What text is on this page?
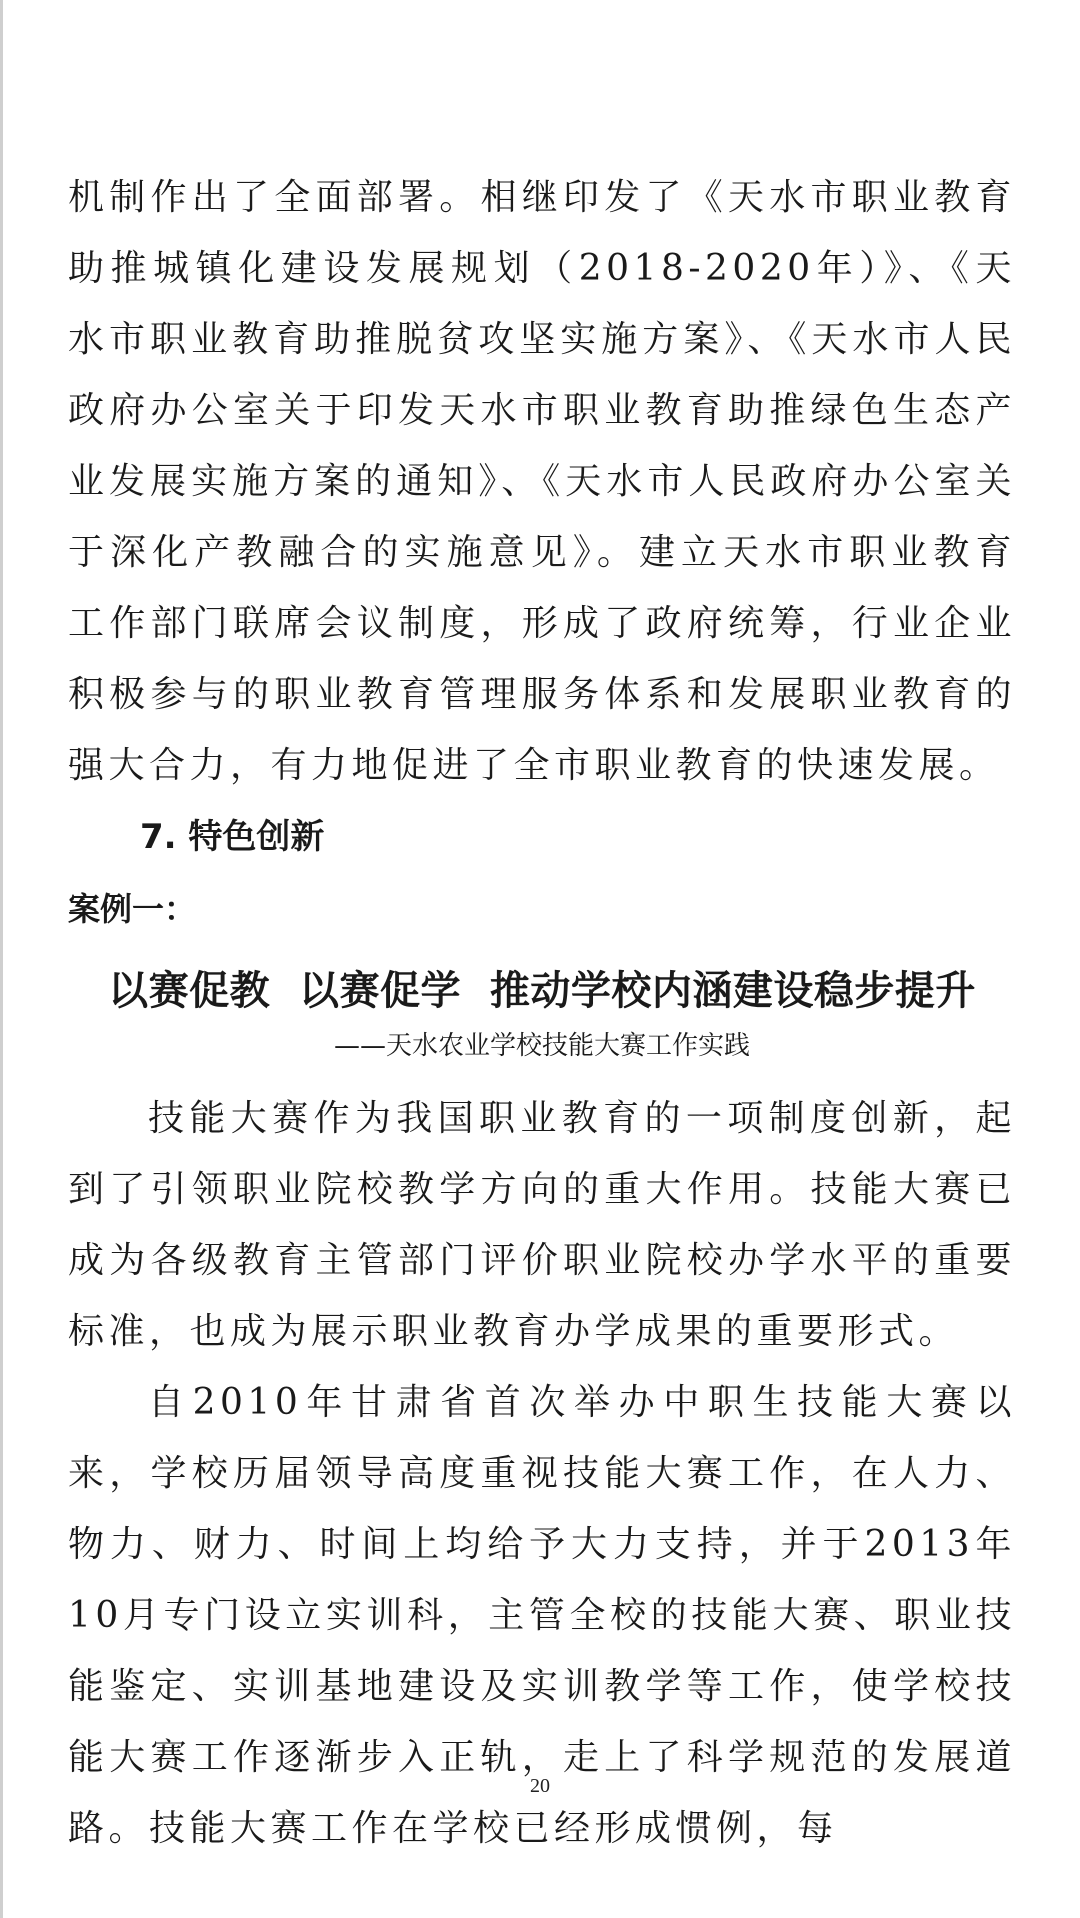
机制作出了全面部署。相继印发了《天水市职业教育助推城镇化建设发展规划（2018-2020年）》、《天水市职业教育助推脱贫攻坚实施方案》、《天水市人民政府办公室关于印发天水市职业教育助推绿色生态产业发展实施方案的通知》、《天水市人民政府办公室关于深化产教融合的实施意见》。建立天水市职业教育工作部门联席会议制度，形成了政府统筹，行业企业积极参与的职业教育管理服务体系和发展职业教育的强大合力，有力地促进了全市职业教育的快速发展。

7. 特色创新
案例一：
以赛促教  以赛促学  推动学校内涵建设稳步提升
——天水农业学校技能大赛工作实践

技能大赛作为我国职业教育的一项制度创新，起到了引领职业院校教学方向的重大作用。技能大赛已成为各级教育主管部门评价职业院校办学水平的重要标准，也成为展示职业教育办学成果的重要形式。

自2010年甘肃省首次举办中职生技能大赛以来，学校历届领导高度重视技能大赛工作，在人力、物力、财力、时间上均给予大力支持，并于2013年10月专门设立实训科，主管全校的技能大赛、职业技能鉴定、实训基地建设及实训教学等工作，使学校技能大赛工作逐渐步入正轨，走上了科学规范的发展道路。技能大赛工作在学校已经形成惯例，每

20
